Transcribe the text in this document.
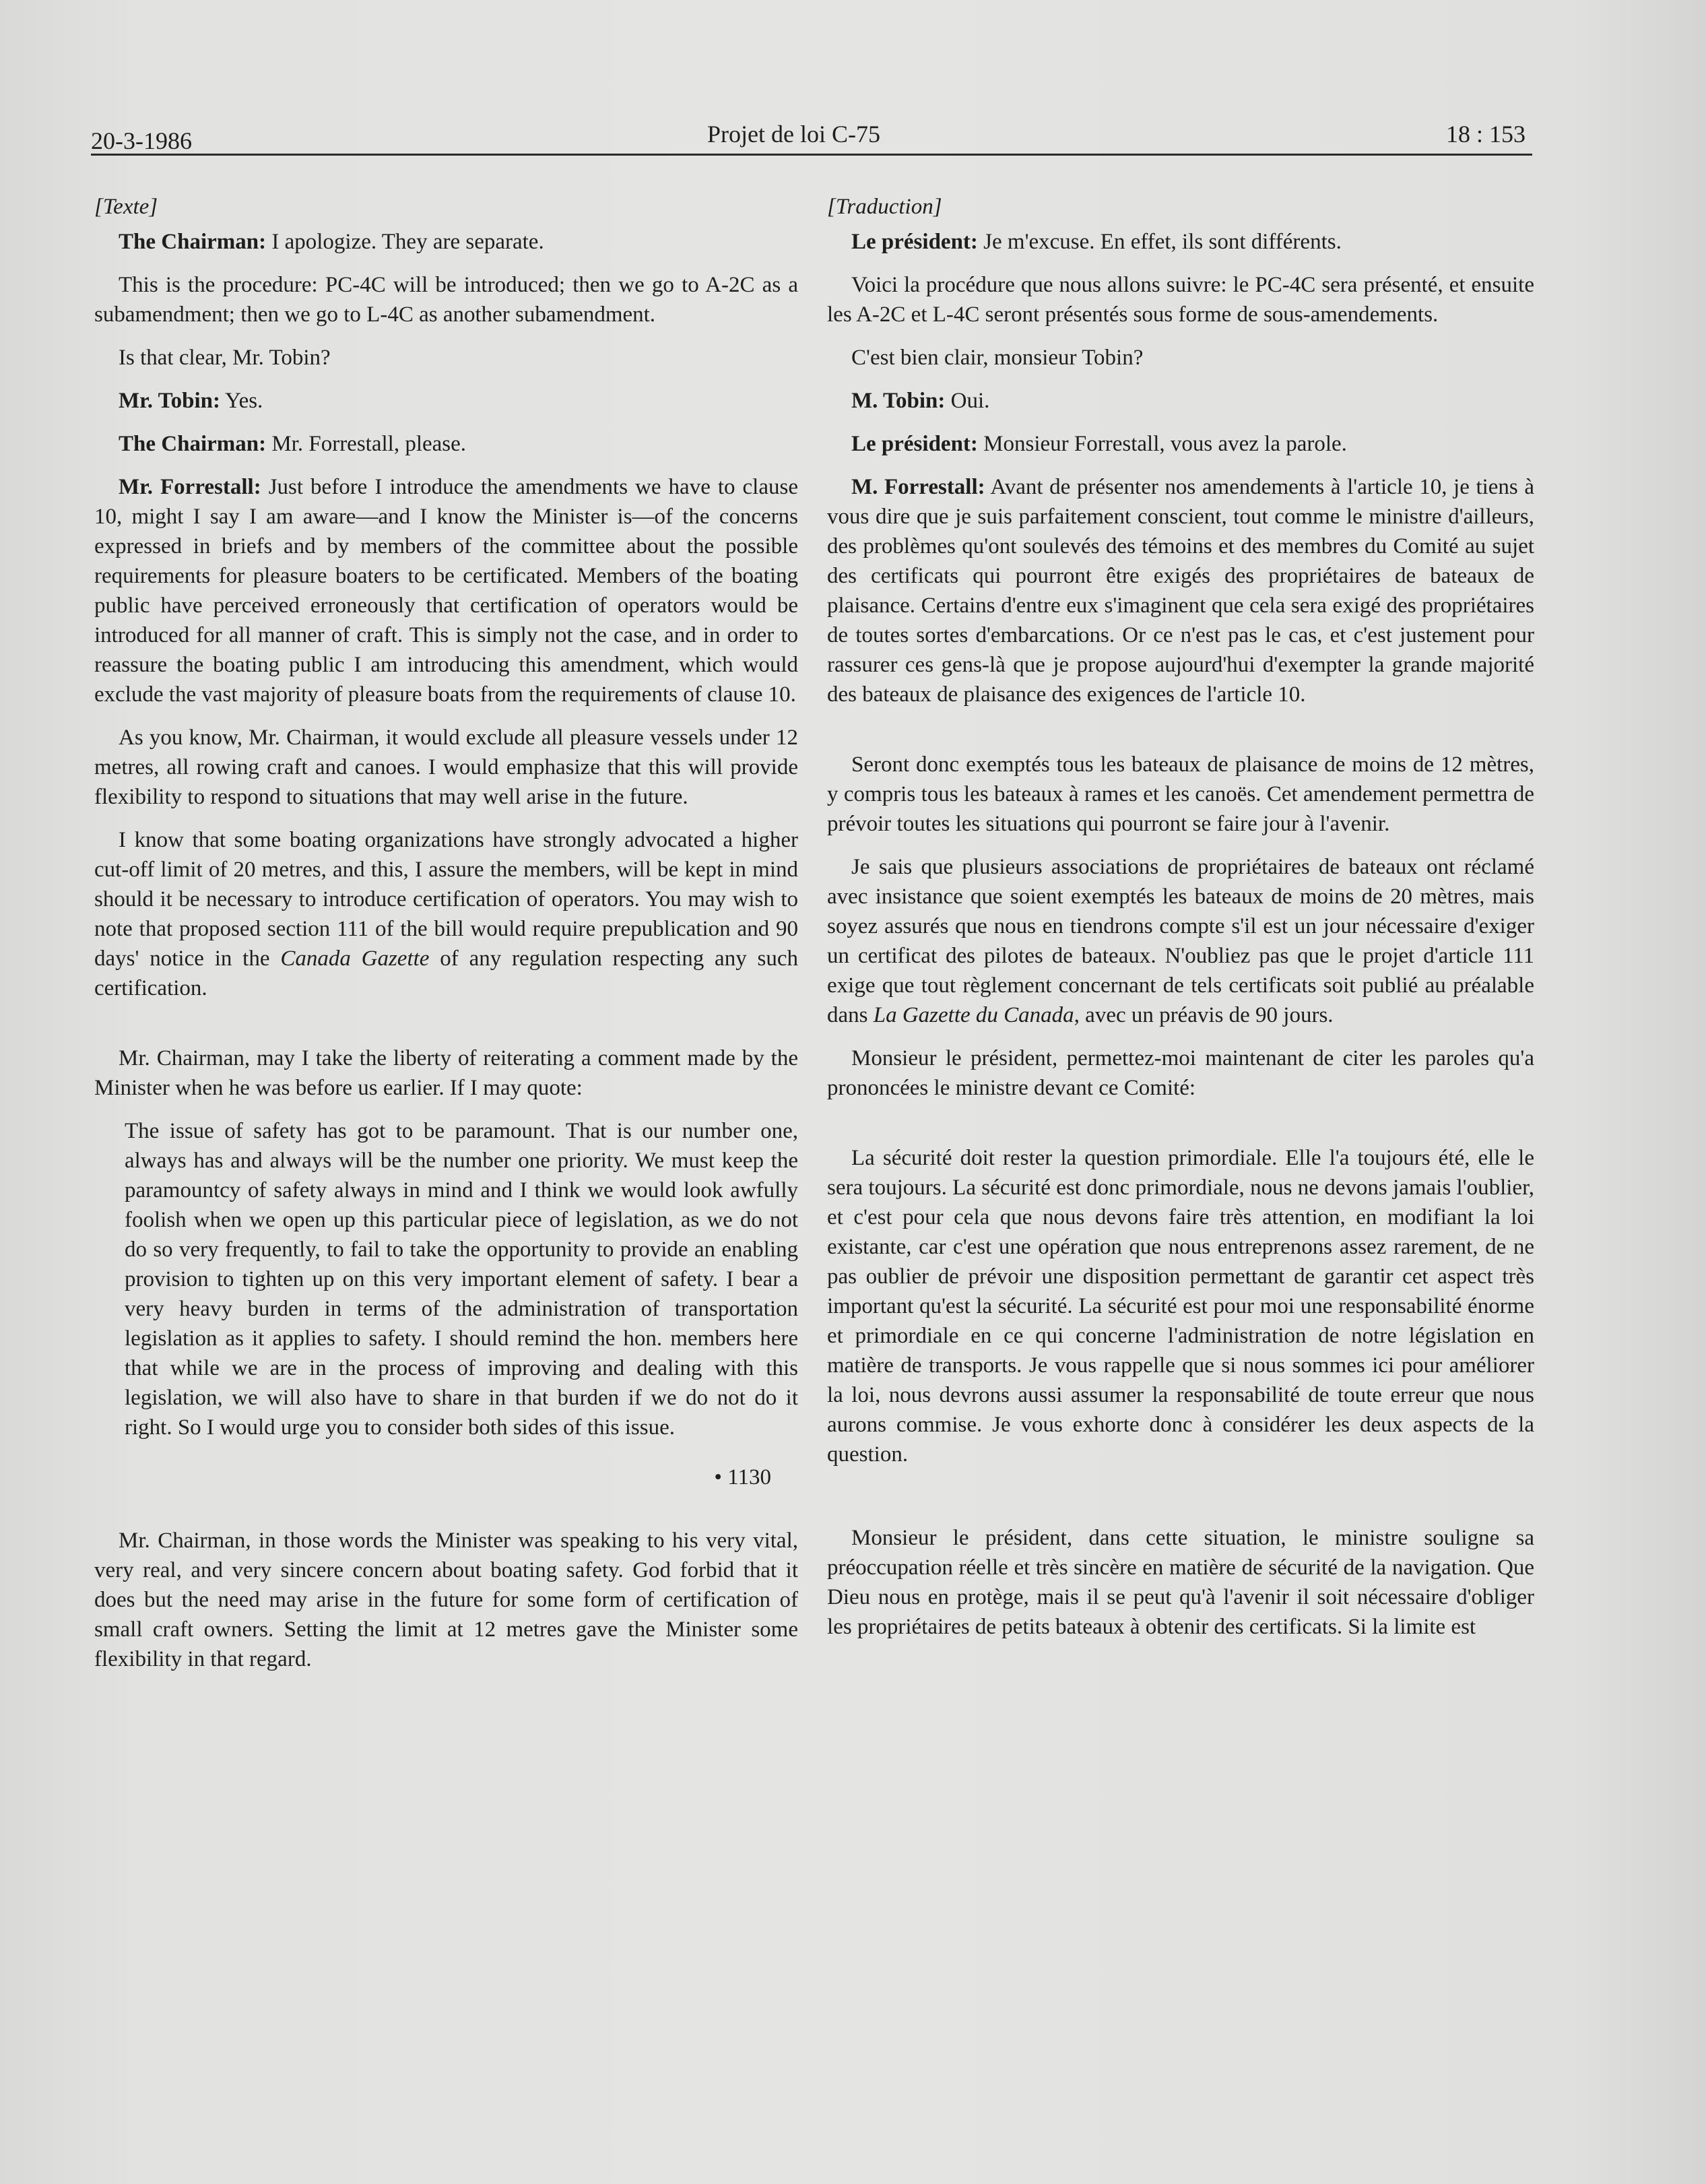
20-3-1986	Projet de loi C-75	18 : 153
[Texte]
The Chairman: I apologize. They are separate.
This is the procedure: PC-4C will be introduced; then we go to A-2C as a subamendment; then we go to L-4C as another subamendment.
Is that clear, Mr. Tobin?
Mr. Tobin: Yes.
The Chairman: Mr. Forrestall, please.
Mr. Forrestall: Just before I introduce the amendments we have to clause 10, might I say I am aware—and I know the Minister is—of the concerns expressed in briefs and by members of the committee about the possible requirements for pleasure boaters to be certificated. Members of the boating public have perceived erroneously that certification of operators would be introduced for all manner of craft. This is simply not the case, and in order to reassure the boating public I am introducing this amendment, which would exclude the vast majority of pleasure boats from the requirements of clause 10.
As you know, Mr. Chairman, it would exclude all pleasure vessels under 12 metres, all rowing craft and canoes. I would emphasize that this will provide flexibility to respond to situations that may well arise in the future.
I know that some boating organizations have strongly advocated a higher cut-off limit of 20 metres, and this, I assure the members, will be kept in mind should it be necessary to introduce certification of operators. You may wish to note that proposed section 111 of the bill would require prepublication and 90 days' notice in the Canada Gazette of any regulation respecting any such certification.
Mr. Chairman, may I take the liberty of reiterating a comment made by the Minister when he was before us earlier. If I may quote:
The issue of safety has got to be paramount. That is our number one, always has and always will be the number one priority. We must keep the paramountcy of safety always in mind and I think we would look awfully foolish when we open up this particular piece of legislation, as we do not do so very frequently, to fail to take the opportunity to provide an enabling provision to tighten up on this very important element of safety. I bear a very heavy burden in terms of the administration of transportation legislation as it applies to safety. I should remind the hon. members here that while we are in the process of improving and dealing with this legislation, we will also have to share in that burden if we do not do it right. So I would urge you to consider both sides of this issue.
• 1130
Mr. Chairman, in those words the Minister was speaking to his very vital, very real, and very sincere concern about boating safety. God forbid that it does but the need may arise in the future for some form of certification of small craft owners. Setting the limit at 12 metres gave the Minister some flexibility in that regard.
[Traduction]
Le président: Je m'excuse. En effet, ils sont différents.
Voici la procédure que nous allons suivre: le PC-4C sera présenté, et ensuite les A-2C et L-4C seront présentés sous forme de sous-amendements.
C'est bien clair, monsieur Tobin?
M. Tobin: Oui.
Le président: Monsieur Forrestall, vous avez la parole.
M. Forrestall: Avant de présenter nos amendements à l'article 10, je tiens à vous dire que je suis parfaitement conscient, tout comme le ministre d'ailleurs, des problèmes qu'ont soulevés des témoins et des membres du Comité au sujet des certificats qui pourront être exigés des propriétaires de bateaux de plaisance. Certains d'entre eux s'imaginent que cela sera exigé des propriétaires de toutes sortes d'embarcations. Or ce n'est pas le cas, et c'est justement pour rassurer ces gens-là que je propose aujourd'hui d'exempter la grande majorité des bateaux de plaisance des exigences de l'article 10.
Seront donc exemptés tous les bateaux de plaisance de moins de 12 mètres, y compris tous les bateaux à rames et les canoës. Cet amendement permettra de prévoir toutes les situations qui pourront se faire jour à l'avenir.
Je sais que plusieurs associations de propriétaires de bateaux ont réclamé avec insistance que soient exemptés les bateaux de moins de 20 mètres, mais soyez assurés que nous en tiendrons compte s'il est un jour nécessaire d'exiger un certificat des pilotes de bateaux. N'oubliez pas que le projet d'article 111 exige que tout règlement concernant de tels certificats soit publié au préalable dans La Gazette du Canada, avec un préavis de 90 jours.
Monsieur le président, permettez-moi maintenant de citer les paroles qu'a prononcées le ministre devant ce Comité:
La sécurité doit rester la question primordiale. Elle l'a toujours été, elle le sera toujours. La sécurité est donc primordiale, nous ne devons jamais l'oublier, et c'est pour cela que nous devons faire très attention, en modifiant la loi existante, car c'est une opération que nous entreprenons assez rarement, de ne pas oublier de prévoir une disposition permettant de garantir cet aspect très important qu'est la sécurité. La sécurité est pour moi une responsabilité énorme et primordiale en ce qui concerne l'administration de notre législation en matière de transports. Je vous rappelle que si nous sommes ici pour améliorer la loi, nous devrons aussi assumer la responsabilité de toute erreur que nous aurons commise. Je vous exhorte donc à considérer les deux aspects de la question.
Monsieur le président, dans cette situation, le ministre souligne sa préoccupation réelle et très sincère en matière de sécurité de la navigation. Que Dieu nous en protège, mais il se peut qu'à l'avenir il soit nécessaire d'obliger les propriétaires de petits bateaux à obtenir des certificats. Si la limite est
